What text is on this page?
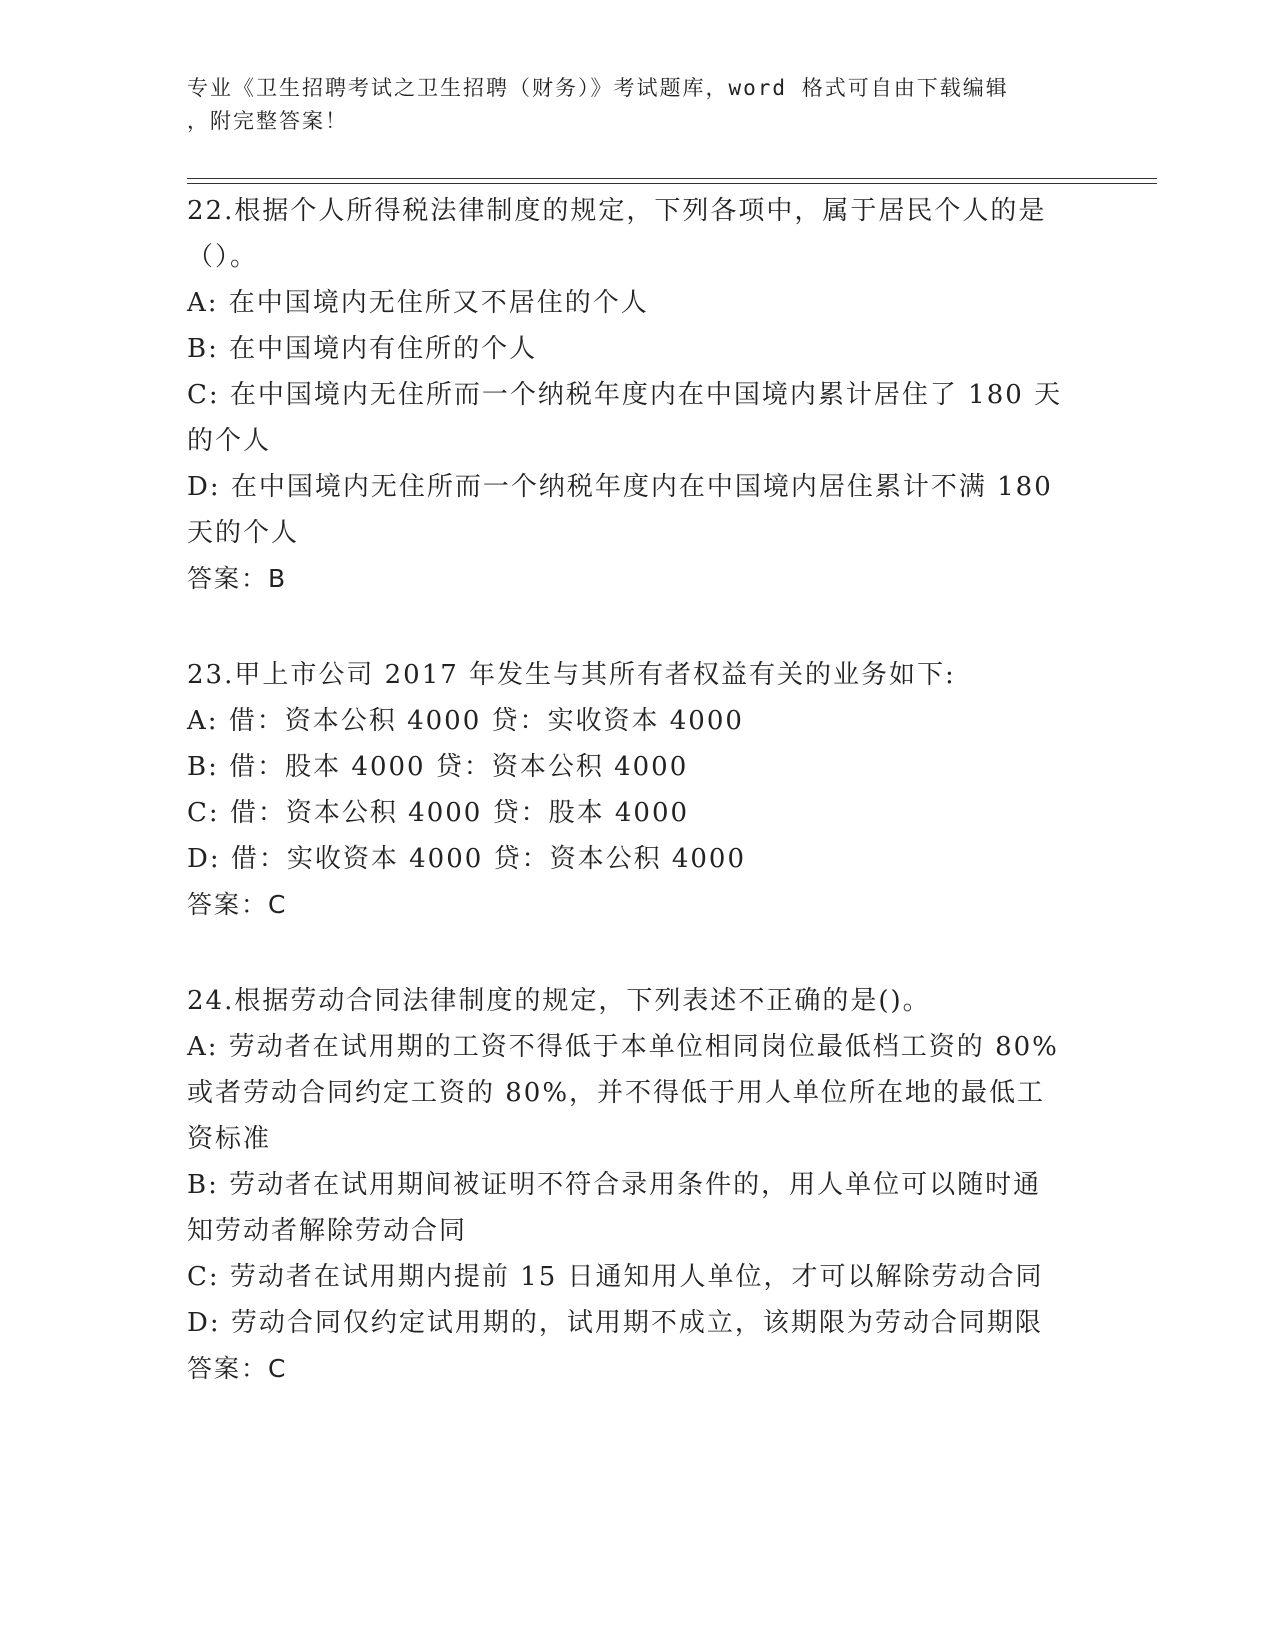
专业《卫生招聘考试之卫生招聘（财务）》考试题库，word 格式可自由下载编辑

，附完整答案！

22.根据个人所得税法律制度的规定，下列各项中，属于居民个人的是

（）。

A: 在中国境内无住所又不居住的个人

B: 在中国境内有住所的个人

C: 在中国境内无住所而一个纳税年度内在中国境内累计居住了 180 天

的个人

D: 在中国境内无住所而一个纳税年度内在中国境内居住累计不满 180

天的个人

答案：B

23.甲上市公司 2017 年发生与其所有者权益有关的业务如下:

A: 借：资本公积 4000 贷：实收资本 4000

B: 借：股本 4000 贷：资本公积 4000

C: 借：资本公积 4000 贷：股本 4000

D: 借：实收资本 4000 贷：资本公积 4000

答案：C

24.根据劳动合同法律制度的规定，下列表述不正确的是()。

A: 劳动者在试用期的工资不得低于本单位相同岗位最低档工资的 80%

或者劳动合同约定工资的 80%，并不得低于用人单位所在地的最低工

资标准

B: 劳动者在试用期间被证明不符合录用条件的，用人单位可以随时通

知劳动者解除劳动合同

C: 劳动者在试用期内提前 15 日通知用人单位，才可以解除劳动合同

D: 劳动合同仅约定试用期的，试用期不成立，该期限为劳动合同期限

答案：C
